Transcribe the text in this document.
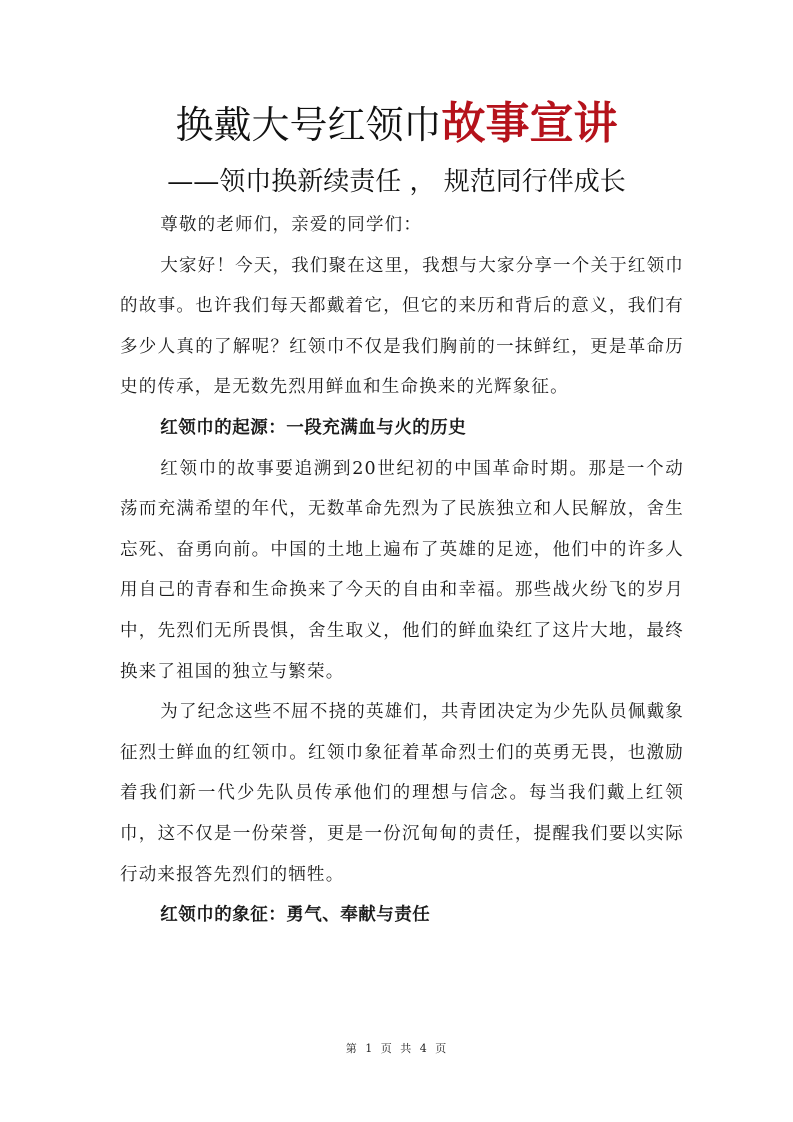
换戴大号红领巾故事宣讲
——领巾换新续责任 ， 规范同行伴成长

尊敬的老师们，亲爱的同学们：

大家好！今天，我们聚在这里，我想与大家分享一个关于红领巾的故事。也许我们每天都戴着它，但它的来历和背后的意义，我们有多少人真的了解呢？红领巾不仅是我们胸前的一抹鲜红，更是革命历史的传承，是无数先烈用鲜血和生命换来的光辉象征。

红领巾的起源：一段充满血与火的历史

红领巾的故事要追溯到20世纪初的中国革命时期。那是一个动荡而充满希望的年代，无数革命先烈为了民族独立和人民解放，舍生忘死、奋勇向前。中国的土地上遍布了英雄的足迹，他们中的许多人用自己的青春和生命换来了今天的自由和幸福。那些战火纷飞的岁月中，先烈们无所畏惧，舍生取义，他们的鲜血染红了这片大地，最终换来了祖国的独立与繁荣。

为了纪念这些不屈不挠的英雄们，共青团决定为少先队员佩戴象征烈士鲜血的红领巾。红领巾象征着革命烈士们的英勇无畏，也激励着我们新一代少先队员传承他们的理想与信念。每当我们戴上红领巾，这不仅是一份荣誉，更是一份沉甸甸的责任，提醒我们要以实际行动来报答先烈们的牺牲。

红领巾的象征：勇气、奉献与责任

第 1 页 共 4 页
